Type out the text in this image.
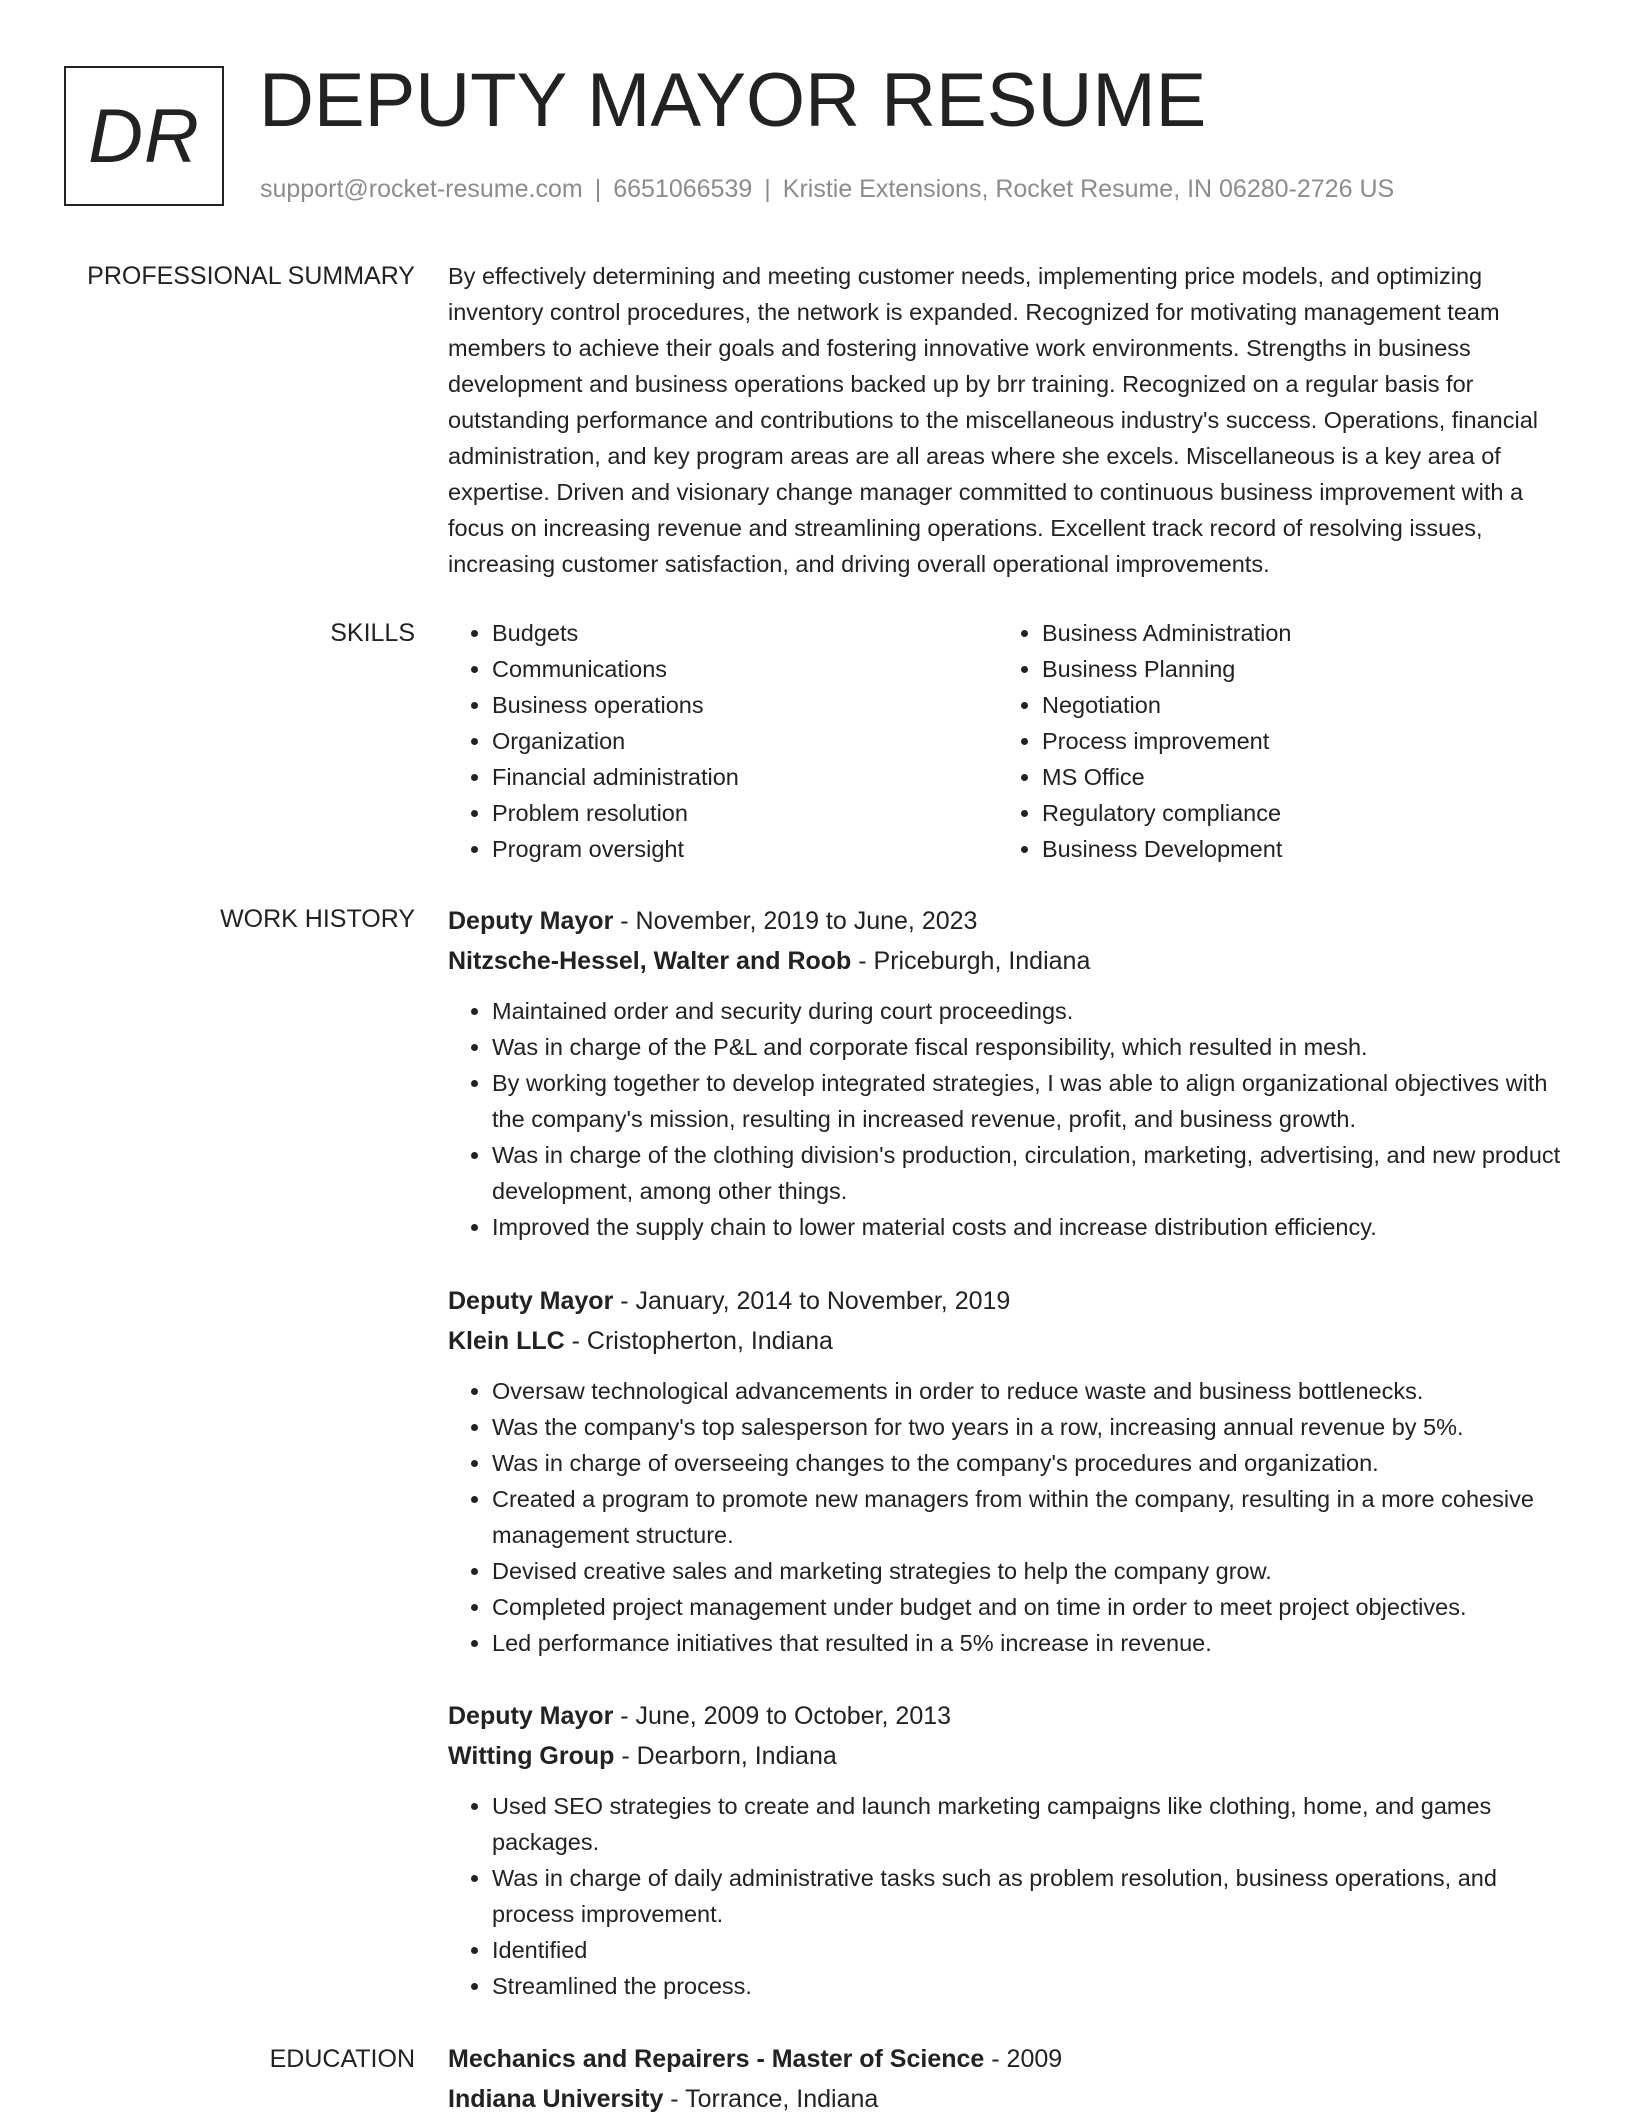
DR DEPUTY MAYOR RESUME
support@rocket-resume.com | 6651066539 | Kristie Extensions, Rocket Resume, IN 06280-2726 US
PROFESSIONAL SUMMARY By effectively determining and meeting customer needs, implementing price models, and optimizing inventory control procedures, the network is expanded. Recognized for motivating management team members to achieve their goals and fostering innovative work environments. Strengths in business development and business operations backed up by brr training. Recognized on a regular basis for outstanding performance and contributions to the miscellaneous industry's success. Operations, financial administration, and key program areas are all areas where she excels. Miscellaneous is a key area of expertise. Driven and visionary change manager committed to continuous business improvement with a focus on increasing revenue and streamlining operations. Excellent track record of resolving issues, increasing customer satisfaction, and driving overall operational improvements.

SKILLS
•	Budgets
• Communications
• Business operations
• Organization
• Financial administration
• Problem resolution
• Program oversight
• Business Administration
• Business Planning
• Negotiation
• Process improvement
• MS Office
• Regulatory compliance
• Business Development
WORK HISTORY Deputy Mayor - November, 2019 to June, 2023
Nitzsche-Hessel, Walter and Roob - Priceburgh, Indiana
• Maintained order and security during court proceedings.
• Was in charge of the P&L and corporate fiscal responsibility, which resulted in mesh.
• By working together to develop integrated strategies, I was able to align organizational objectives with the company's mission, resulting in increased revenue, profit, and business growth.
• Was in charge of the clothing division's production, circulation, marketing, advertising, and new product development, among other things.
• Improved the supply chain to lower material costs and increase distribution efficiency.
Deputy Mayor - January, 2014 to November, 2019
Klein LLC - Cristopherton, Indiana
• Oversaw technological advancements in order to reduce waste and business bottlenecks.
• Was the company's top salesperson for two years in a row, increasing annual revenue by 5%.
• Was in charge of overseeing changes to the company's procedures and organization.
• Created a program to promote new managers from within the company, resulting in a more cohesive management structure.
• Devised creative sales and marketing strategies to help the company grow.
• Completed project management under budget and on time in order to meet project objectives.
• Led performance initiatives that resulted in a 5% increase in revenue.
Deputy Mayor - June, 2009 to October, 2013
Witting Group - Dearborn, Indiana
• Used SEO strategies to create and launch marketing campaigns like clothing, home, and games packages.
• Was in charge of daily administrative tasks such as problem resolution, business operations, and process improvement.
• Identified
• Streamlined the process.
EDUCATION Mechanics and Repairers - Master of Science - 2009
Indiana University - Torrance, Indiana
